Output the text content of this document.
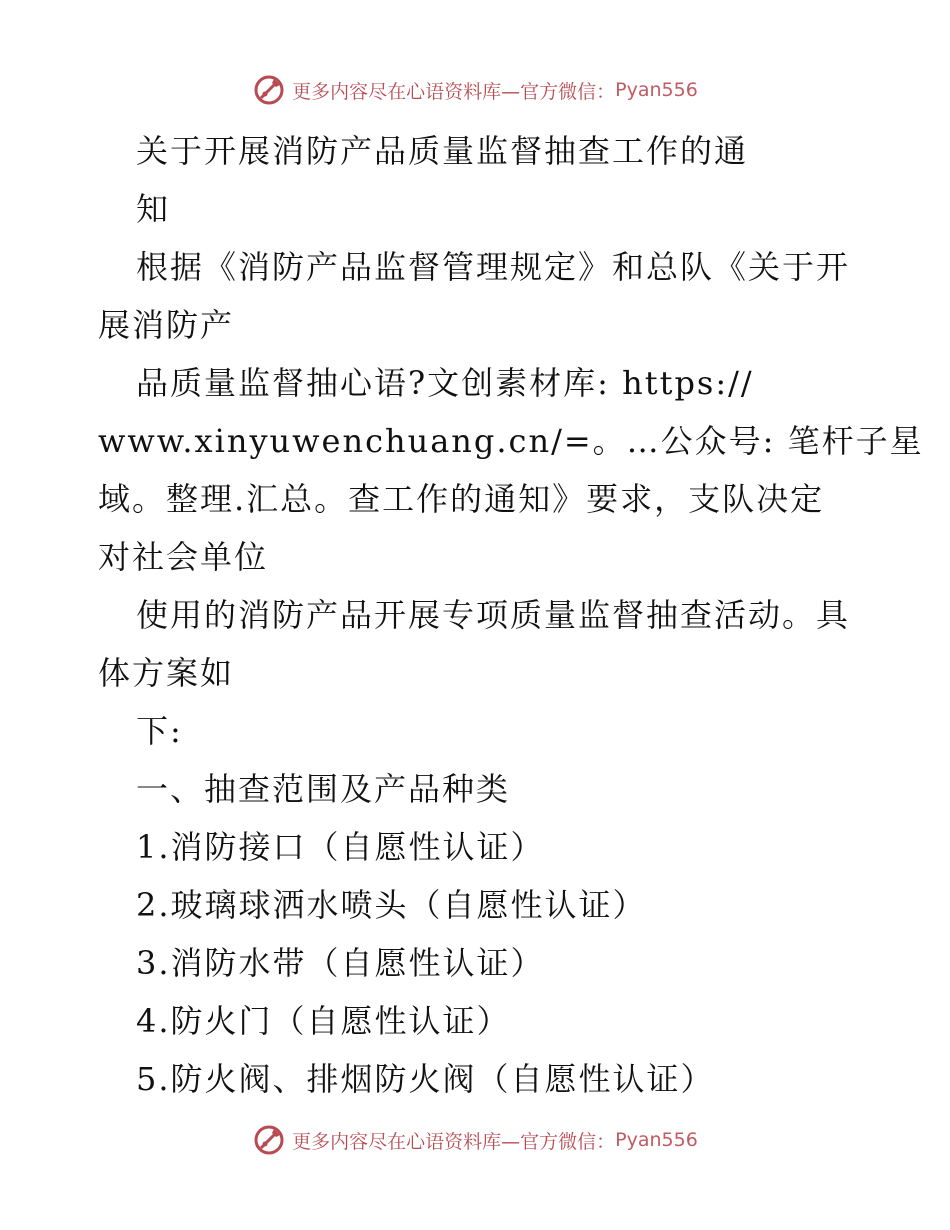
更多内容尽在心语资料库—官方微信： Pyan556
关于开展消防产品质量监督抽查工作的通
知
根据《消防产品监督管理规定》和总队《关于开
展消防产
品质量监督抽心语?文创素材库: https://
www.xinyuwenchuang.cn/=。…公众号: 笔杆子星
域。整理.汇总。查工作的通知》要求，支队决定
对社会单位
使用的消防产品开展专项质量监督抽查活动。具
体方案如
下:
一、抽查范围及产品种类
1.消防接口（自愿性认证）
2.玻璃球洒水喷头（自愿性认证）
3.消防水带（自愿性认证）
4.防火门（自愿性认证）
5.防火阀、排烟防火阀（自愿性认证）
更多内容尽在心语资料库—官方微信： Pyan556
